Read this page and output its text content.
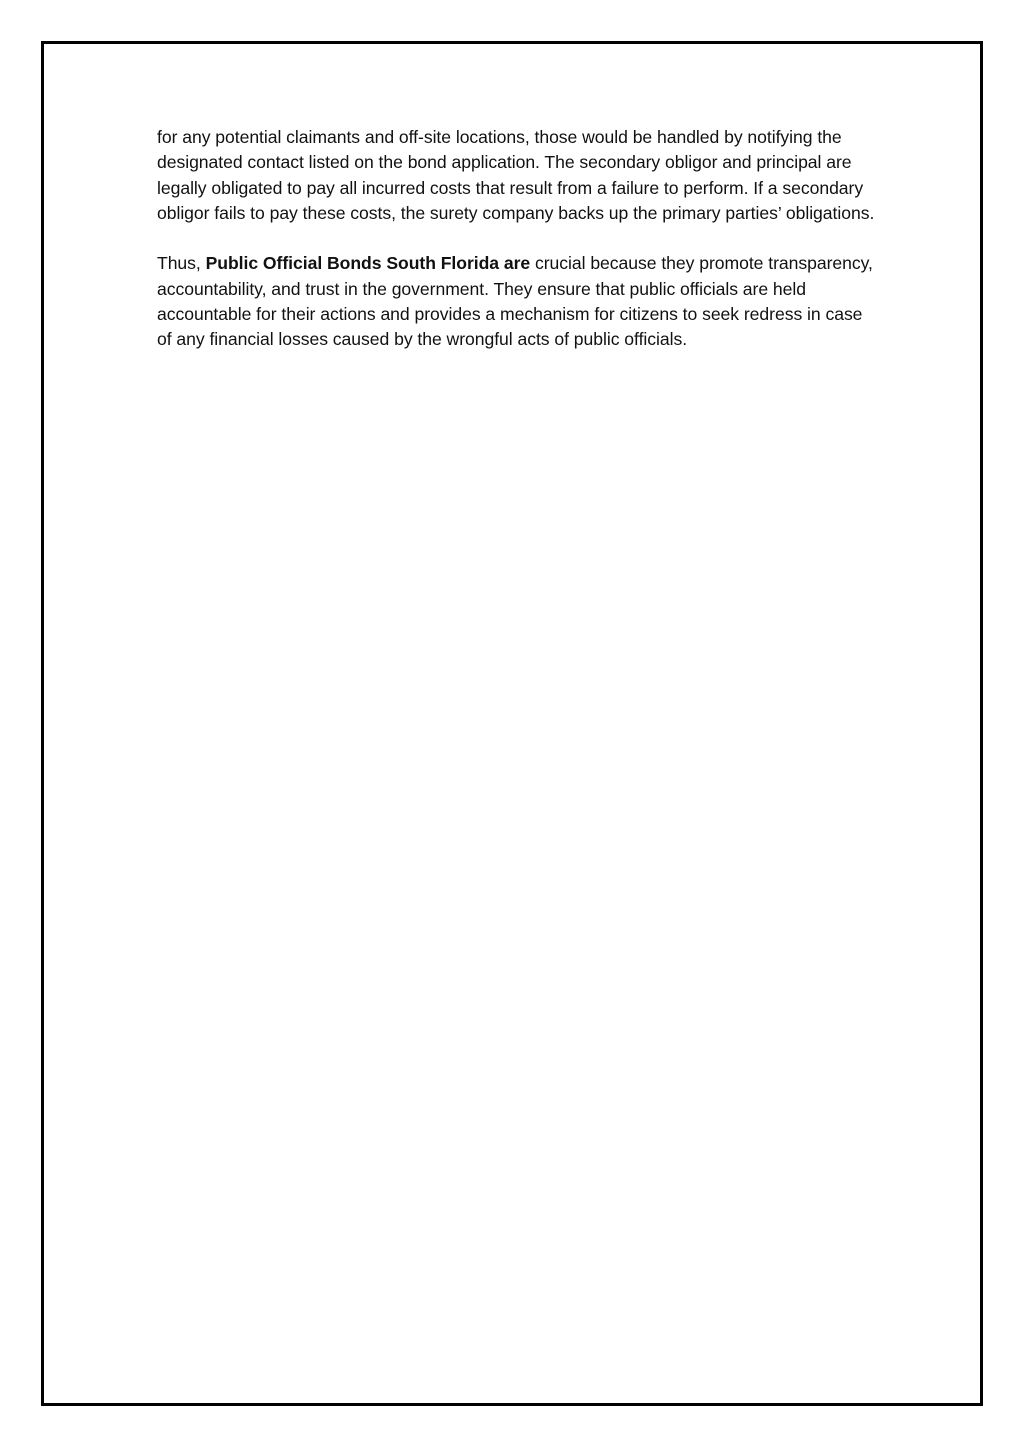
for any potential claimants and off-site locations, those would be handled by notifying the designated contact listed on the bond application. The secondary obligor and principal are legally obligated to pay all incurred costs that result from a failure to perform. If a secondary obligor fails to pay these costs, the surety company backs up the primary parties’ obligations.

Thus, Public Official Bonds South Florida are crucial because they promote transparency, accountability, and trust in the government. They ensure that public officials are held accountable for their actions and provides a mechanism for citizens to seek redress in case of any financial losses caused by the wrongful acts of public officials.
